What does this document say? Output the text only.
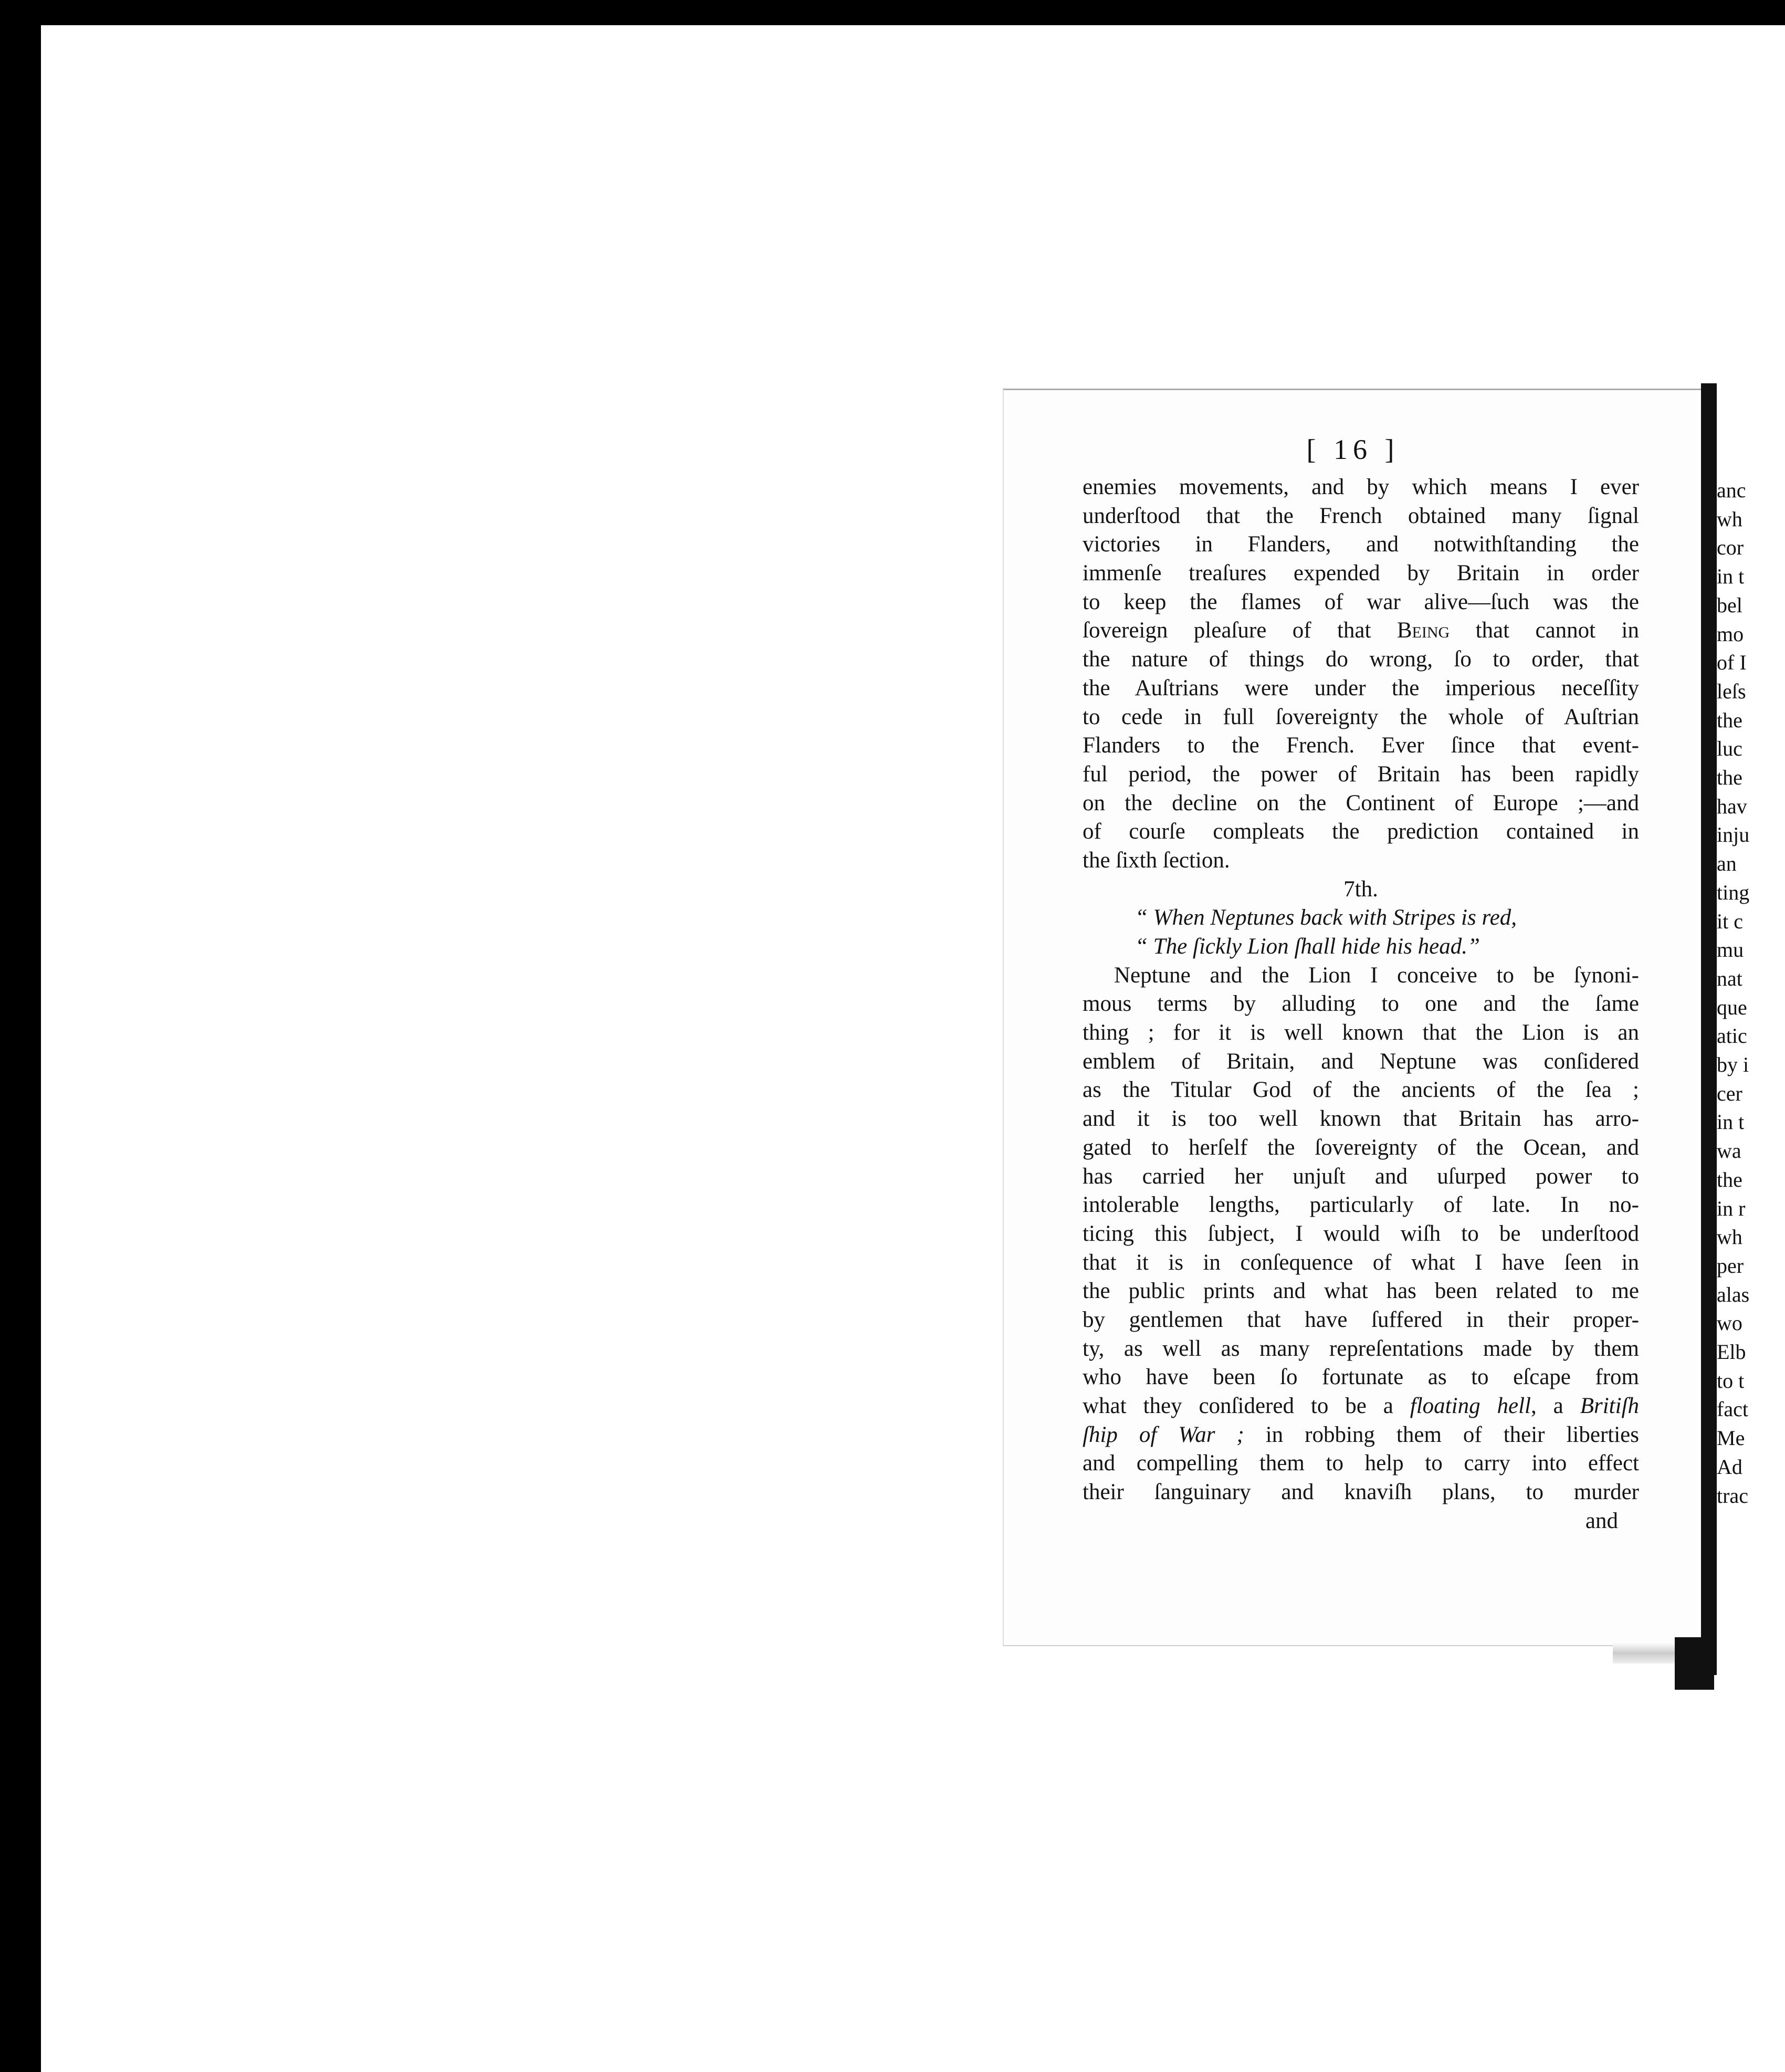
[ 16 ]
enemies movements, and by which means I ever
underſtood that the French obtained many ſignal
victories in Flanders, and notwithſtanding the
immenſe treaſures expended by Britain in order
to keep the flames of war alive—ſuch was the
ſovereign pleaſure of that Being that cannot in
the nature of things do wrong, ſo to order, that
the Auſtrians were under the imperious neceſſity
to cede in full ſovereignty the whole of Auſtrian
Flanders to the French. Ever ſince that event-
ful period, the power of Britain has been rapidly
on the decline on the Continent of Europe ;—and
of courſe compleats the prediction contained in
the ſixth ſection.
7th.
“ When Neptunes back with Stripes is red,
“ The ſickly Lion ſhall hide his head.”
Neptune and the Lion I conceive to be ſynoni-
mous terms by alluding to one and the ſame
thing ; for it is well known that the Lion is an
emblem of Britain, and Neptune was conſidered
as the Titular God of the ancients of the ſea ;
and it is too well known that Britain has arro-
gated to herſelf the ſovereignty of the Ocean, and
has carried her unjuſt and uſurped power to
intolerable lengths, particularly of late. In no-
ticing this ſubject, I would wiſh to be underſtood
that it is in conſequence of what I have ſeen in
the public prints and what has been related to me
by gentlemen that have ſuffered in their proper-
ty, as well as many repreſentations made by them
who have been ſo fortunate as to eſcape from
what they conſidered to be a floating hell, a Britiſh
ſhip of War ; in robbing them of their liberties
and compelling them to help to carry into effect
their ſanguinary and knaviſh plans, to murder
and
anc
wh
cor
in t
bel
mo
of I
leſs
the
luc
the
hav
inju
an
ting
it c
mu
nat
que
atic
by i
cer
in t
wa
the
in r
wh
per
alas
wo
Elb
to t
fact
Me
Ad
trac
